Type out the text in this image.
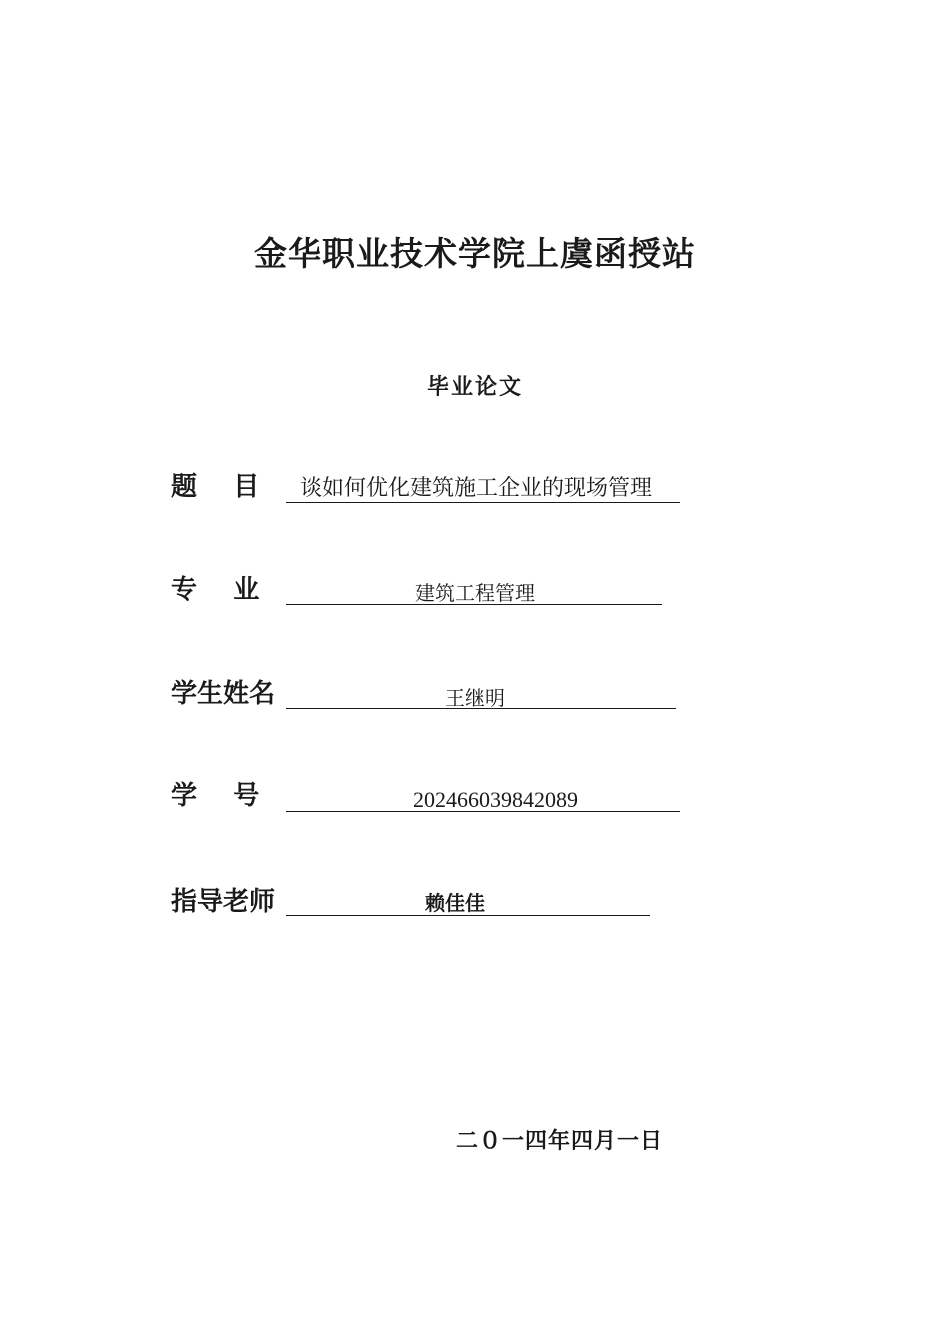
金华职业技术学院上虞函授站
毕业论文
题    目 谈如何优化建筑施工企业的现场管理
专    业	建筑工程管理
学生姓名	王继明
学    号	202466039842089
指导老师	赖佳佳
二０一四年四月一日
